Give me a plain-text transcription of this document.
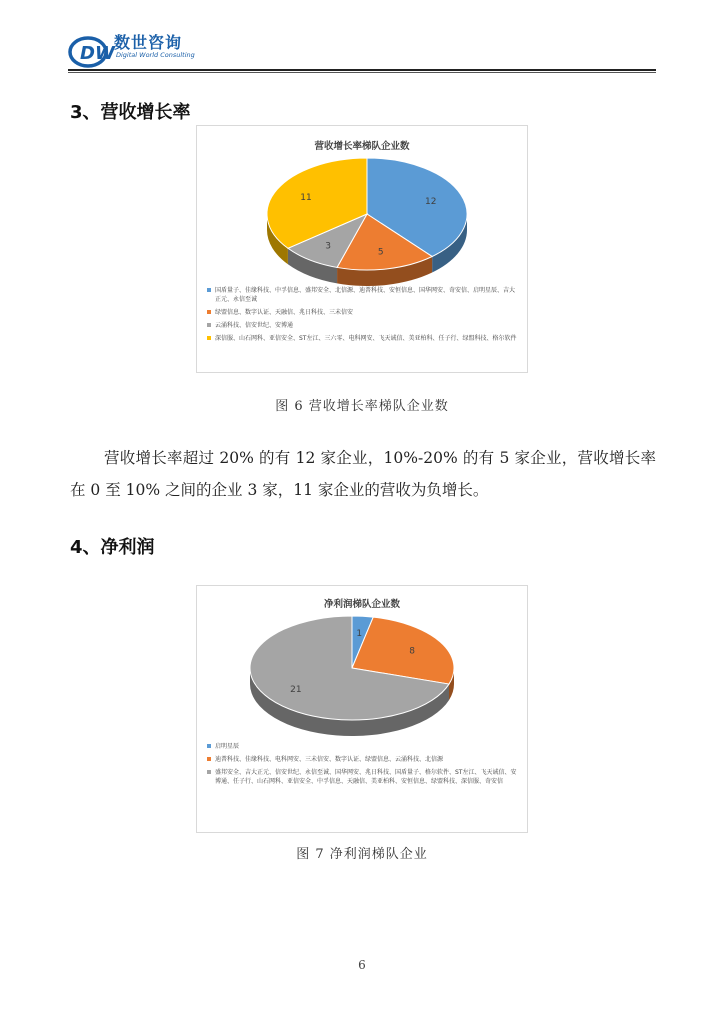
DW
数世咨询
Digital World Consulting
3、营收增长率
营收增长率梯队企业数
12
5
3
11
国盾量子、佳缘科技、中孚信息、盛邦安全、北信源、迪普科技、安恒信息、国华网安、奇安信、启明星辰、吉大正元、永信至诚
绿盟信息、数字认证、天融信、兆日科技、三未信安
云涌科技、信安世纪、安博通
深信服、山石网科、亚信安全、ST左江、三六零、电科网安、飞天诚信、美亚柏科、任子行、绿盟科技、格尔软件
图 6 营收增长率梯队企业数
营收增长率超过 20% 的有 12 家企业，10%-20% 的有 5 家企业，营收增长率在 0 至 10% 之间的企业 3 家，11 家企业的营收为负增长。
4、净利润
净利润梯队企业数
1
8
21
启明星辰
迪普科技、佳缘科技、电科网安、三未信安、数字认证、绿盟信息、云涌科技、北信源
盛邦安全、吉大正元、信安世纪、永信至诚、国华网安、兆日科技、国盾量子、格尔软件、ST左江、飞天诚信、安博通、任子行、山石网科、亚信安全、中孚信息、天融信、美亚柏科、安恒信息、绿盟科技、深信服、奇安信
图 7 净利润梯队企业
6
